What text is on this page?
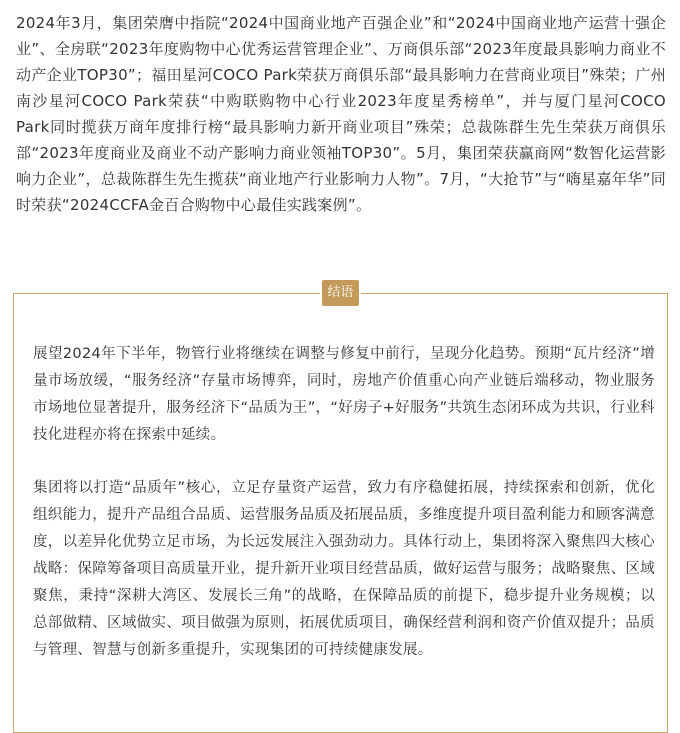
2024年3月，集团荣膺中指院“2024中国商业地产百强企业”和“2024中国商业地产运营十强企业”、全房联“2023年度购物中心优秀运营管理企业”、万商俱乐部“2023年度最具影响力商业不动产企业TOP30”；福田星河COCO Park荣获万商俱乐部“最具影响力在营商业项目”殊荣；广州南沙星河COCO Park荣获“中购联购物中心行业2023年度星秀榜单”，并与厦门星河COCO Park同时揽获万商年度排行榜“最具影响力新开商业项目”殊荣；总裁陈群生先生荣获万商俱乐部“2023年度商业及商业不动产影响力商业领袖TOP30”。5月，集团荣获赢商网“数智化运营影响力企业”，总裁陈群生先生揽获“商业地产行业影响力人物”。7月，“大抢节”与“嗨星嘉年华”同时荣获“2024CCFA金百合购物中心最佳实践案例”。

结语

展望2024年下半年，物管行业将继续在调整与修复中前行，呈现分化趋势。预期“瓦片经济”增量市场放缓，“服务经济”存量市场博弈，同时，房地产价值重心向产业链后端移动，物业服务市场地位显著提升，服务经济下“品质为王”，“好房子+好服务”共筑生态闭环成为共识，行业科技化进程亦将在探索中延续。

集团将以打造“品质年”核心，立足存量资产运营，致力有序稳健拓展，持续探索和创新，优化组织能力，提升产品组合品质、运营服务品质及拓展品质，多维度提升项目盈利能力和顾客满意度，以差异化优势立足市场，为长远发展注入强劲动力。具体行动上，集团将深入聚焦四大核心战略：保障筹备项目高质量开业，提升新开业项目经营品质，做好运营与服务；战略聚焦、区域聚焦，秉持“深耕大湾区、发展长三角”的战略，在保障品质的前提下，稳步提升业务规模；以总部做精、区域做实、项目做强为原则，拓展优质项目，确保经营利润和资产价值双提升；品质与管理、智慧与创新多重提升，实现集团的可持续健康发展。
